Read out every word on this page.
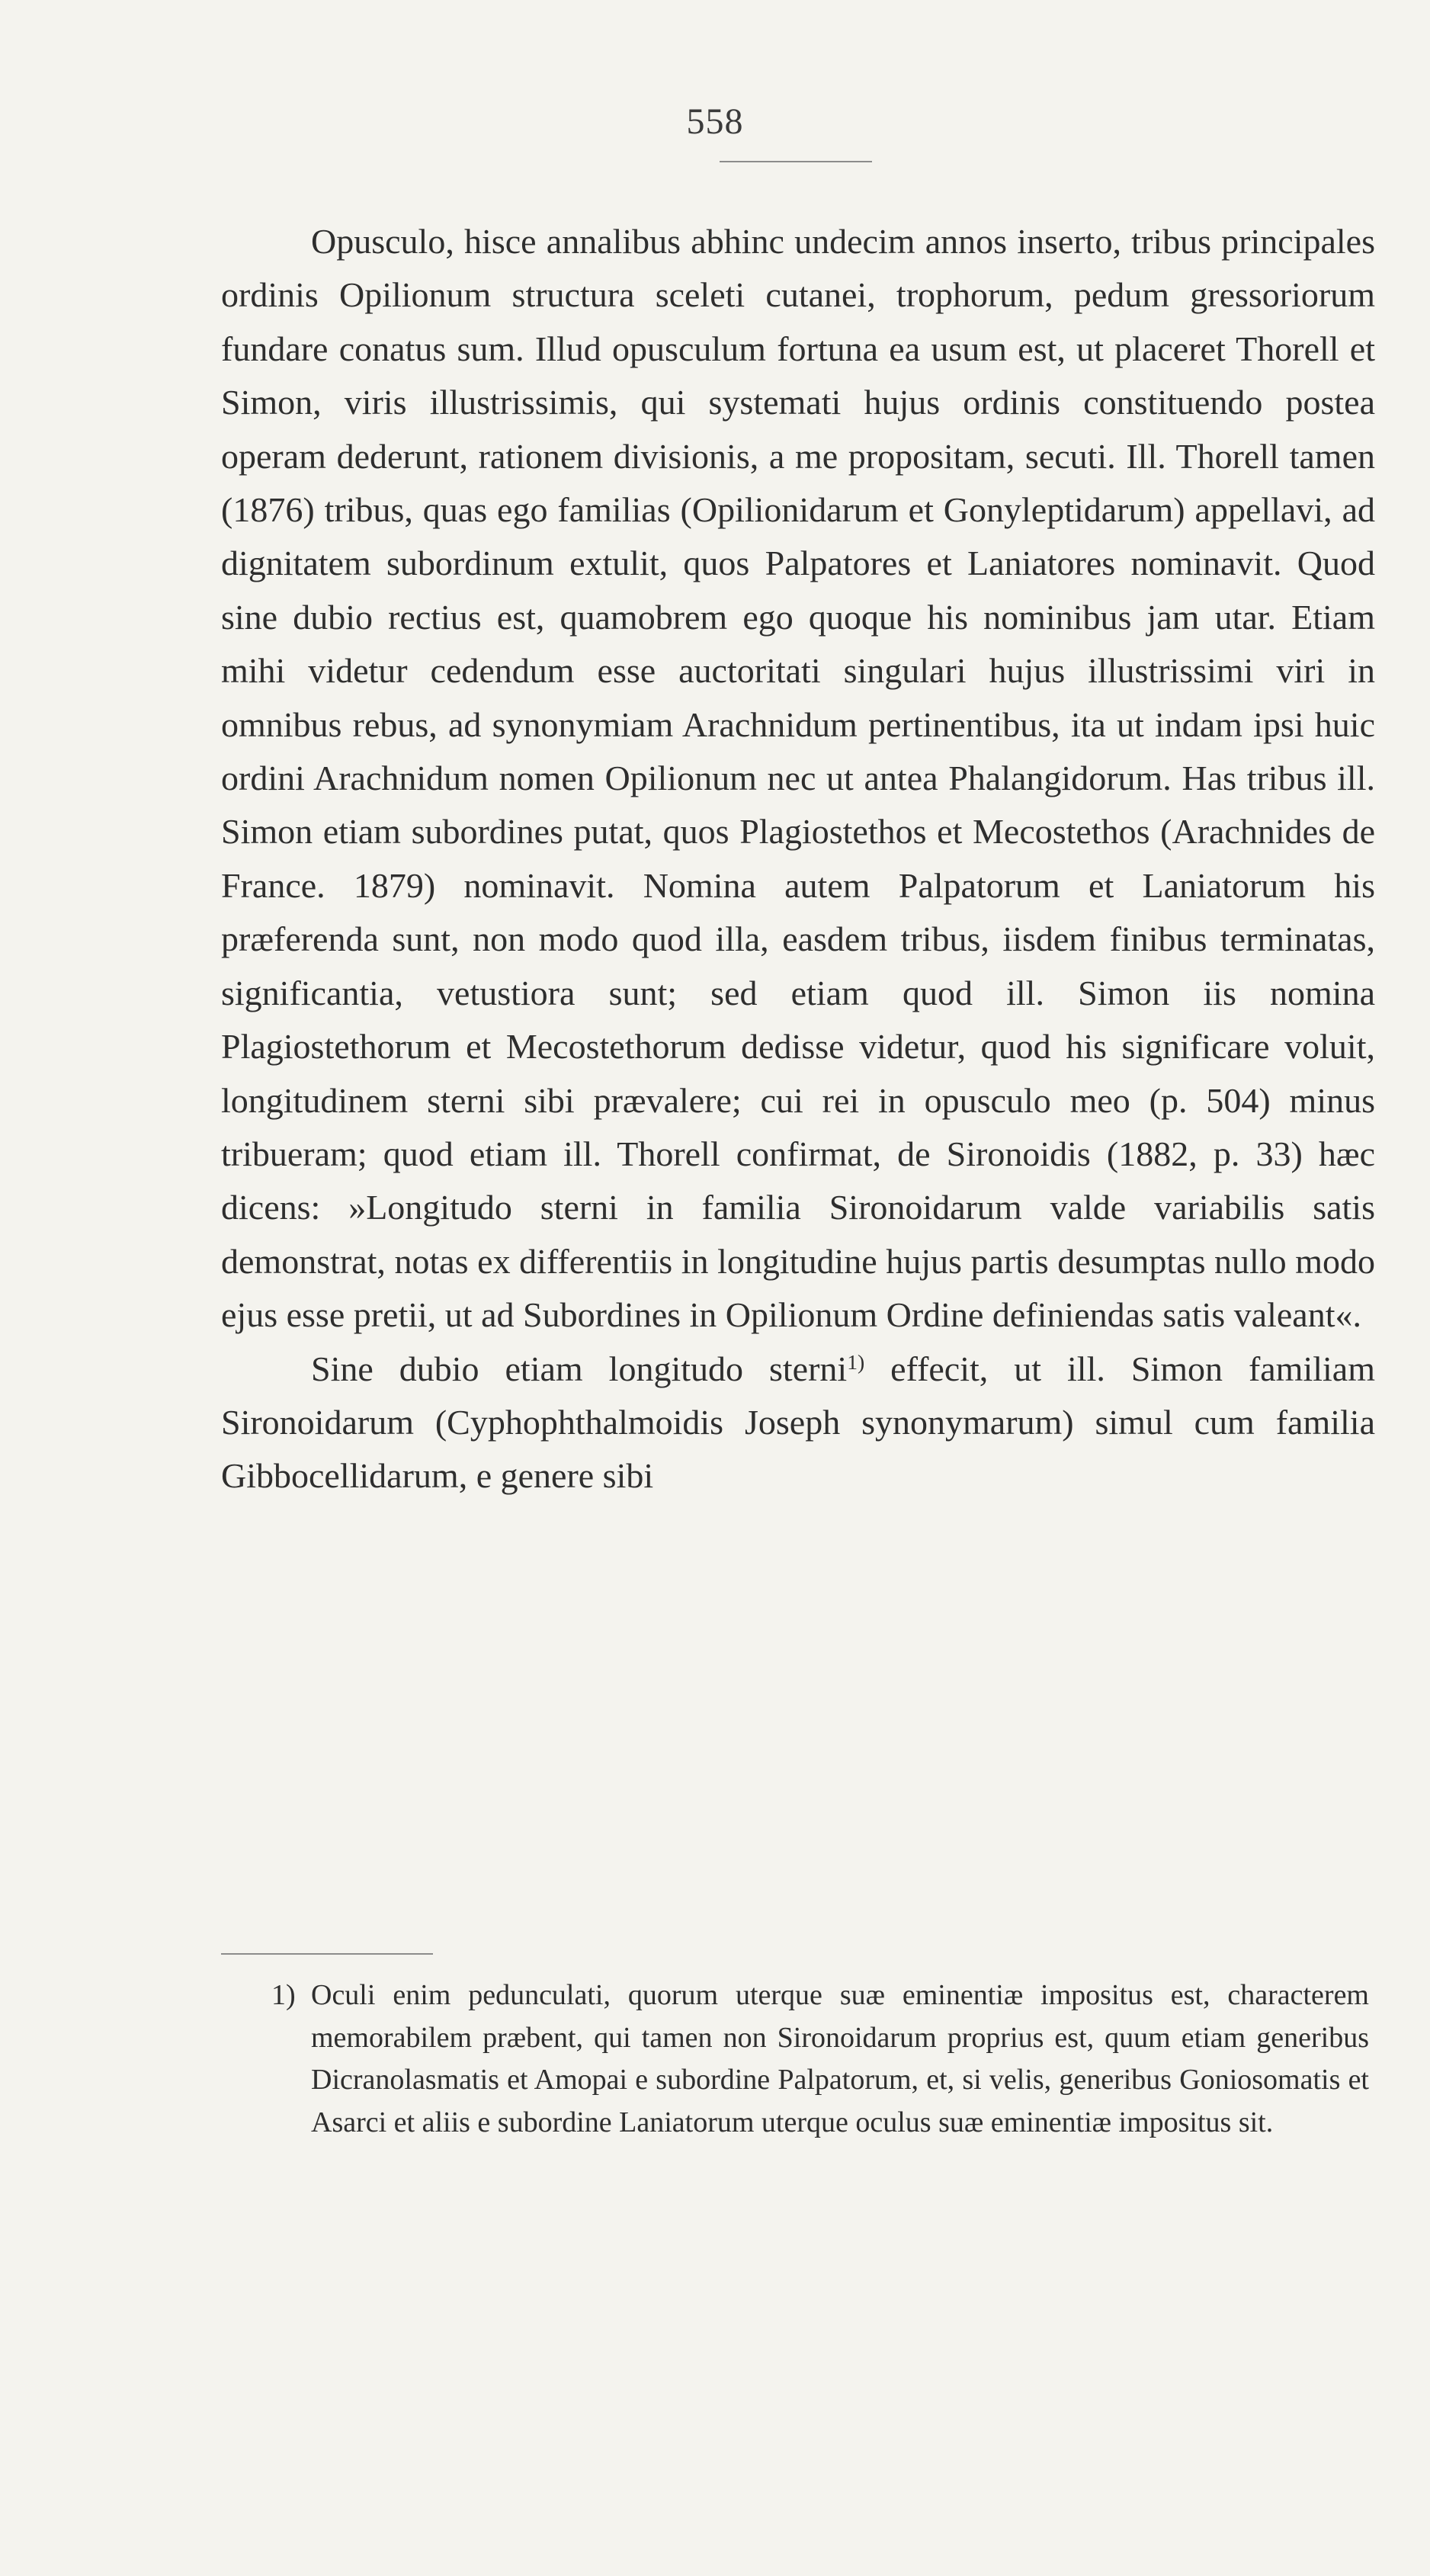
558

Opusculo, hisce annalibus abhinc undecim annos inserto, tribus principales ordinis Opilionum structura sceleti cutanei, trophorum, pedum gressoriorum fundare conatus sum. Illud opusculum fortuna ea usum est, ut placeret Thorell et Simon, viris illustrissimis, qui systemati hujus ordinis constituendo postea operam dederunt, rationem divisionis, a me propositam, secuti. Ill. Thorell tamen (1876) tribus, quas ego familias (Opilionidarum et Gonyleptidarum) appellavi, ad dignitatem subordinum extulit, quos Palpatores et Laniatores nominavit. Quod sine dubio rectius est, quamobrem ego quoque his nominibus jam utar. Etiam mihi videtur cedendum esse auctoritati singulari hujus illustrissimi viri in omnibus rebus, ad synonymiam Arachnidum pertinentibus, ita ut indam ipsi huic ordini Arachnidum nomen Opilionum nec ut antea Phalangidorum. Has tribus ill. Simon etiam subordines putat, quos Plagiostethos et Mecostethos (Arachnides de France. 1879) nominavit. Nomina autem Palpatorum et Laniatorum his præferenda sunt, non modo quod illa, easdem tribus, iisdem finibus terminatas, significantia, vetustiora sunt; sed etiam quod ill. Simon iis nomina Plagiostethorum et Mecostethorum dedisse videtur, quod his significare voluit, longitudinem sterni sibi prævalere; cui rei in opusculo meo (p. 504) minus tribueram; quod etiam ill. Thorell confirmat, de Sironoidis (1882, p. 33) hæc dicens: »Longitudo sterni in familia Sironoidarum valde variabilis satis demonstrat, notas ex differentiis in longitudine hujus partis desumptas nullo modo ejus esse pretii, ut ad Subordines in Opilionum Ordine definiendas satis valeant«.

Sine dubio etiam longitudo sterni$^{1)}$ effecit, ut ill. Simon familiam Sironoidarum (Cyphophthalmoidis Joseph synonymarum) simul cum familia Gibbocellidarum, e genere sibi

1) Oculi enim pedunculati, quorum uterque suæ eminentiæ impositus est, characterem memorabilem præbent, qui tamen non Sironoidarum proprius est, quum etiam generibus Dicranolasmatis et Amopai e subordine Palpatorum, et, si velis, generibus Goniosomatis et Asarci et aliis e subordine Laniatorum uterque oculus suæ eminentiæ impositus sit.
